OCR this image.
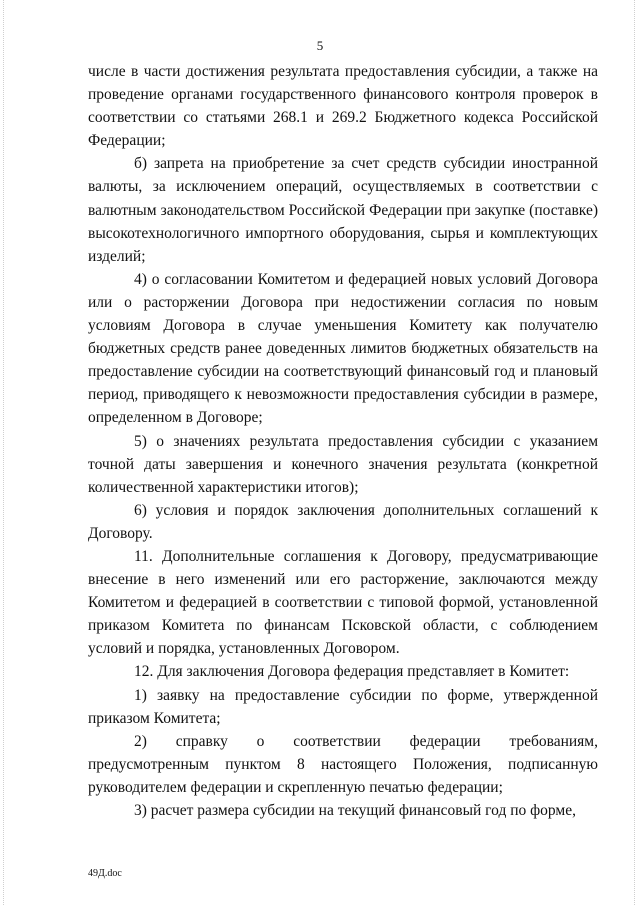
5

числе в части достижения результата предоставления субсидии, а также на проведение органами государственного финансового контроля проверок в соответствии со статьями 268.1 и 269.2 Бюджетного кодекса Российской Федерации;

б) запрета на приобретение за счет средств субсидии иностранной валюты, за исключением операций, осуществляемых в соответствии с валютным законодательством Российской Федерации при закупке (поставке) высокотехнологичного импортного оборудования, сырья и комплектующих изделий;

4) о согласовании Комитетом и федерацией новых условий Договора или о расторжении Договора при недостижении согласия по новым условиям Договора в случае уменьшения Комитету как получателю бюджетных средств ранее доведенных лимитов бюджетных обязательств на предоставление субсидии на соответствующий финансовый год и плановый период, приводящего к невозможности предоставления субсидии в размере, определенном в Договоре;

5) о значениях результата предоставления субсидии с указанием точной даты завершения и конечного значения результата (конкретной количественной характеристики итогов);

6) условия и порядок заключения дополнительных соглашений к Договору.

11. Дополнительные соглашения к Договору, предусматривающие внесение в него изменений или его расторжение, заключаются между Комитетом и федерацией в соответствии с типовой формой, установленной приказом Комитета по финансам Псковской области, с соблюдением условий и порядка, установленных Договором.

12. Для заключения Договора федерация представляет в Комитет:

1) заявку на предоставление субсидии по форме, утвержденной приказом Комитета;

2) справку о соответствии федерации требованиям, предусмотренным пунктом 8 настоящего Положения, подписанную руководителем федерации и скрепленную печатью федерации;

3) расчет размера субсидии на текущий финансовый год по форме,

49Д.doc
